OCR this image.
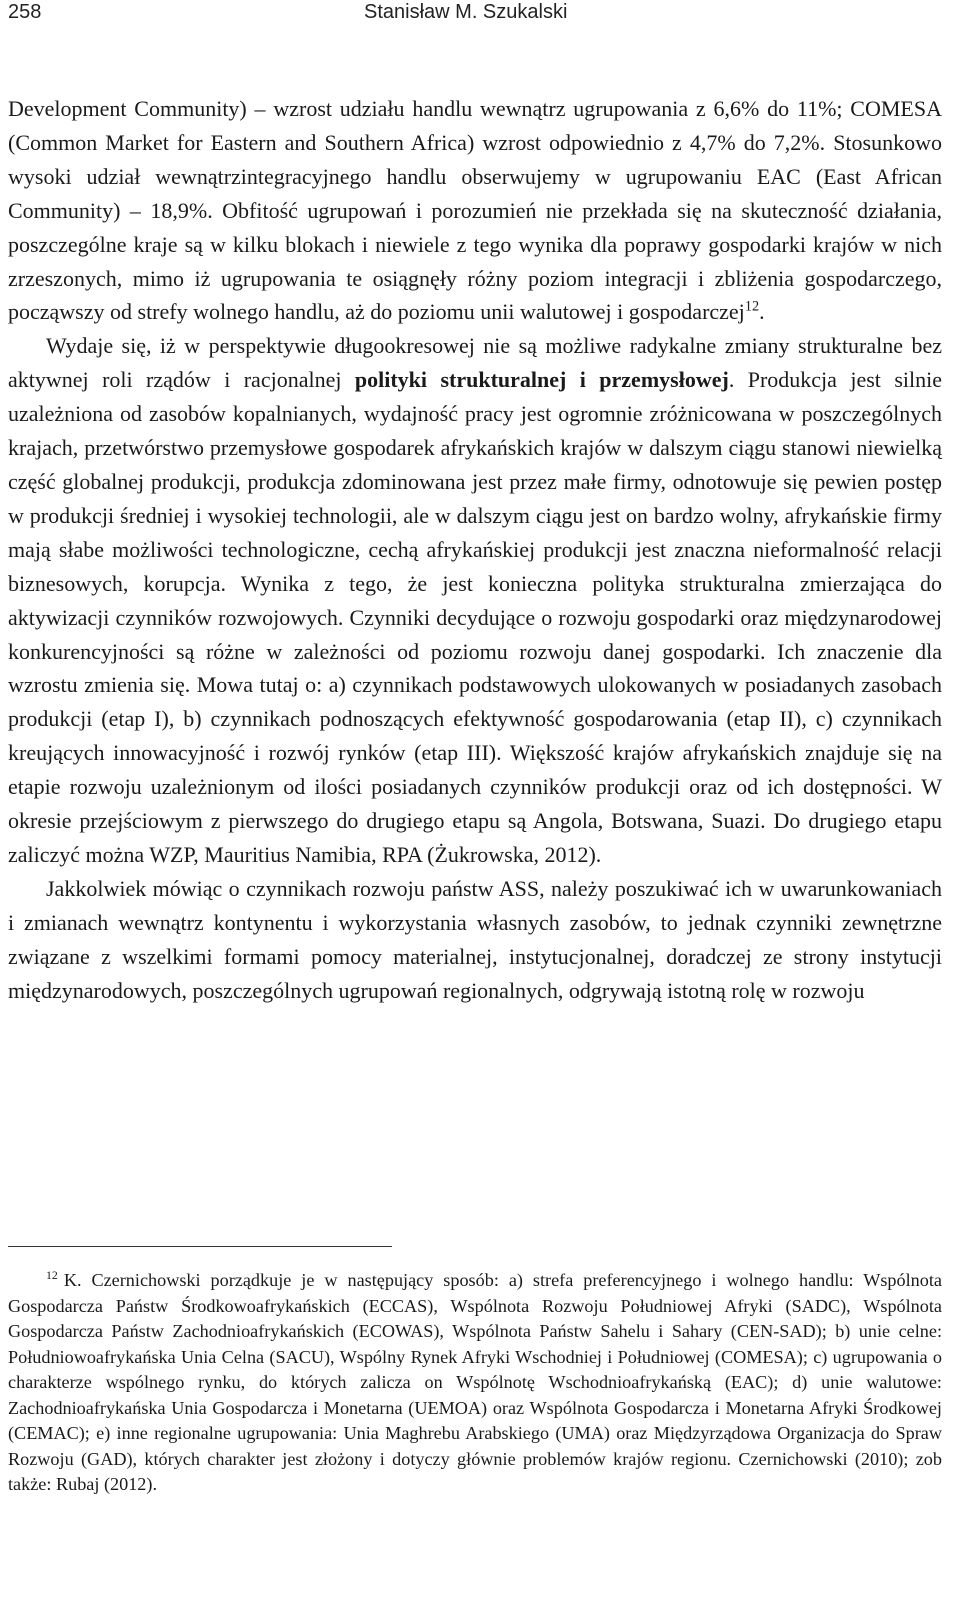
258	Stanisław M. Szukalski

Development Community) – wzrost udziału handlu wewnątrz ugrupowania z 6,6% do 11%; COMESA (Common Market for Eastern and Southern Africa) wzrost odpowiednio z 4,7% do 7,2%. Stosunkowo wysoki udział wewnątrzintegracyjnego handlu obserwujemy w ugrupowaniu EAC (East African Community) – 18,9%. Obfitość ugrupowań i porozumień nie przekłada się na skuteczność działania, poszczególne kraje są w kilku blokach i niewiele z tego wynika dla poprawy gospodarki krajów w nich zrzeszonych, mimo iż ugrupowania te osiągnęły różny poziom integracji i zbliżenia gospodarczego, począwszy od strefy wolnego handlu, aż do poziomu unii walutowej i gospodarczej$^{12}$.

Wydaje się, iż w perspektywie długookresowej nie są możliwe radykalne zmiany strukturalne bez aktywnej roli rządów i racjonalnej polityki strukturalnej i przemysłowej. Produkcja jest silnie uzależniona od zasobów kopalnianych, wydajność pracy jest ogromnie zróżnicowana w poszczególnych krajach, przetwórstwo przemysłowe gospodarek afrykańskich krajów w dalszym ciągu stanowi niewielką część globalnej produkcji, produkcja zdominowana jest przez małe firmy, odnotowuje się pewien postęp w produkcji średniej i wysokiej technologii, ale w dalszym ciągu jest on bardzo wolny, afrykańskie firmy mają słabe możliwości technologiczne, cechą afrykańskiej produkcji jest znaczna nieformalność relacji biznesowych, korupcja. Wynika z tego, że jest konieczna polityka strukturalna zmierzająca do aktywizacji czynników rozwojowych. Czynniki decydujące o rozwoju gospodarki oraz międzynarodowej konkurencyjności są różne w zależności od poziomu rozwoju danej gospodarki. Ich znaczenie dla wzrostu zmienia się. Mowa tutaj o: a) czynnikach podstawowych ulokowanych w posiadanych zasobach produkcji (etap I), b) czynnikach podnoszących efektywność gospodarowania (etap II), c) czynnikach kreujących innowacyjność i rozwój rynków (etap III). Większość krajów afrykańskich znajduje się na etapie rozwoju uzależnionym od ilości posiadanych czynników produkcji oraz od ich dostępności. W okresie przejściowym z pierwszego do drugiego etapu są Angola, Botswana, Suazi. Do drugiego etapu zaliczyć można WZP, Mauritius Namibia, RPA (Żukrowska, 2012).

Jakkolwiek mówiąc o czynnikach rozwoju państw ASS, należy poszukiwać ich w uwarunkowaniach i zmianach wewnątrz kontynentu i wykorzystania własnych zasobów, to jednak czynniki zewnętrzne związane z wszelkimi formami pomocy materialnej, instytucjonalnej, doradczej ze strony instytucji międzynarodowych, poszczególnych ugrupowań regionalnych, odgrywają istotną rolę w rozwoju

$^{12}$ K. Czernichowski porządkuje je w następujący sposób: a) strefa preferencyjnego i wolnego handlu: Wspólnota Gospodarcza Państw Środkowoafrykańskich (ECCAS), Wspólnota Rozwoju Południowej Afryki (SADC), Wspólnota Gospodarcza Państw Zachodnioafrykańskich (ECOWAS), Wspólnota Państw Sahelu i Sahary (CEN-SAD); b) unie celne: Południowoafrykańska Unia Celna (SACU), Wspólny Rynek Afryki Wschodniej i Południowej (COMESA); c) ugrupowania o charakterze wspólnego rynku, do których zalicza on Wspólnotę Wschodnioafrykańską (EAC); d) unie walutowe: Zachodnioafrykańska Unia Gospodarcza i Monetarna (UEMOA) oraz Wspólnota Gospodarcza i Monetarna Afryki Środkowej (CEMAC); e) inne regionalne ugrupowania: Unia Maghrebu Arabskiego (UMA) oraz Międzyrządowa Organizacja do Spraw Rozwoju (GAD), których charakter jest złożony i dotyczy głównie problemów krajów regionu. Czernichowski (2010); zob także: Rubaj (2012).
